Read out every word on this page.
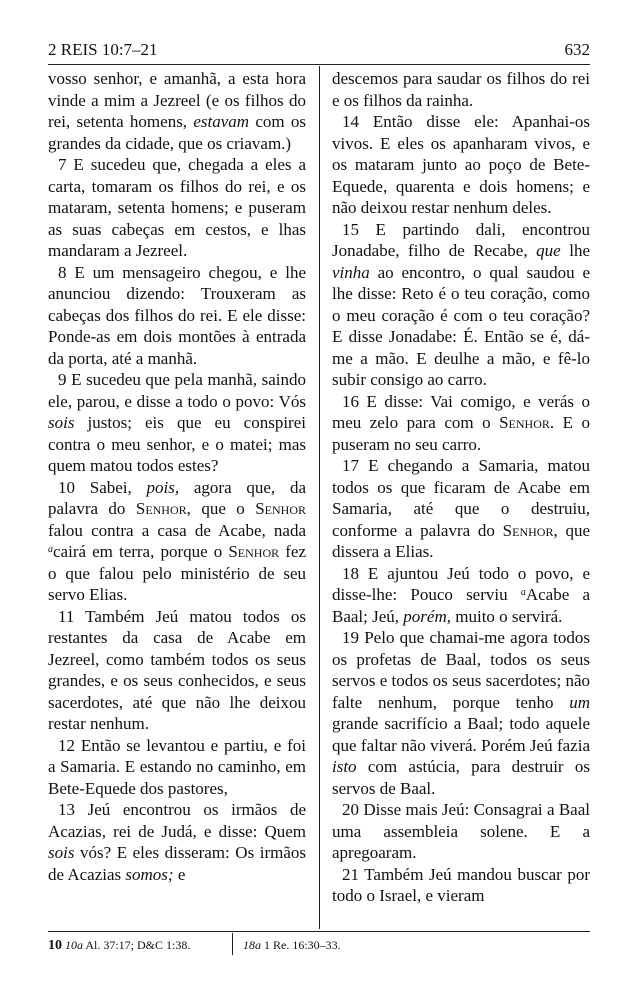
2 REIS 10:7–21	632

vosso senhor, e amanhã, a esta hora vinde a mim a Jezreel (e os filhos do rei, setenta homens, estavam com os grandes da cidade, que os criavam.)

7 E sucedeu que, chegada a eles a carta, tomaram os filhos do rei, e os mataram, setenta homens; e puseram as suas cabeças em cestos, e lhas mandaram a Jezreel.

8 E um mensageiro chegou, e lhe anunciou dizendo: Trouxeram as cabeças dos filhos do rei. E ele disse: Ponde-as em dois montões à entrada da porta, até a manhã.

9 E sucedeu que pela manhã, saindo ele, parou, e disse a todo o povo: Vós sois justos; eis que eu conspirei contra o meu senhor, e o matei; mas quem matou todos estes?

10 Sabei, pois, agora que, da palavra do Senhor, que o Senhor falou contra a casa de Acabe, nada $^a$cairá em terra, porque o Senhor fez o que falou pelo ministério de seu servo Elias.

11 Também Jeú matou todos os restantes da casa de Acabe em Jezreel, como também todos os seus grandes, e os seus conhecidos, e seus sacerdotes, até que não lhe deixou restar nenhum.

12 Então se levantou e partiu, e foi a Samaria. E estando no caminho, em Bete-Equede dos pastores,

13 Jeú encontrou os irmãos de Acazias, rei de Judá, e disse: Quem sois vós? E eles disseram: Os irmãos de Acazias somos; e

descemos para saudar os filhos do rei e os filhos da rainha.

14 Então disse ele: Apanhai-os vivos. E eles os apanharam vivos, e os mataram junto ao poço de Bete-Equede, quarenta e dois homens; e não deixou restar nenhum deles.

15 E partindo dali, encontrou Jonadabe, filho de Recabe, que lhe vinha ao encontro, o qual saudou e lhe disse: Reto é o teu coração, como o meu coração é com o teu coração? E disse Jonadabe: É. Então se é, dá-me a mão. E deulhe a mão, e fê-lo subir consigo ao carro.

16 E disse: Vai comigo, e verás o meu zelo para com o Senhor. E o puseram no seu carro.

17 E chegando a Samaria, matou todos os que ficaram de Acabe em Samaria, até que o destruiu, conforme a palavra do Senhor, que dissera a Elias.

18 E ajuntou Jeú todo o povo, e disse-lhe: Pouco serviu $^a$Acabe a Baal; Jeú, porém, muito o servirá.

19 Pelo que chamai-me agora todos os profetas de Baal, todos os seus servos e todos os seus sacerdotes; não falte nenhum, porque tenho um grande sacrifício a Baal; todo aquele que faltar não viverá. Porém Jeú fazia isto com astúcia, para destruir os servos de Baal.

20 Disse mais Jeú: Consagrai a Baal uma assembleia solene. E a apregoaram.

21 Também Jeú mandou buscar por todo o Israel, e vieram

10 10a Al. 37:17; D&C 1:38.	18a 1 Re. 16:30–33.
